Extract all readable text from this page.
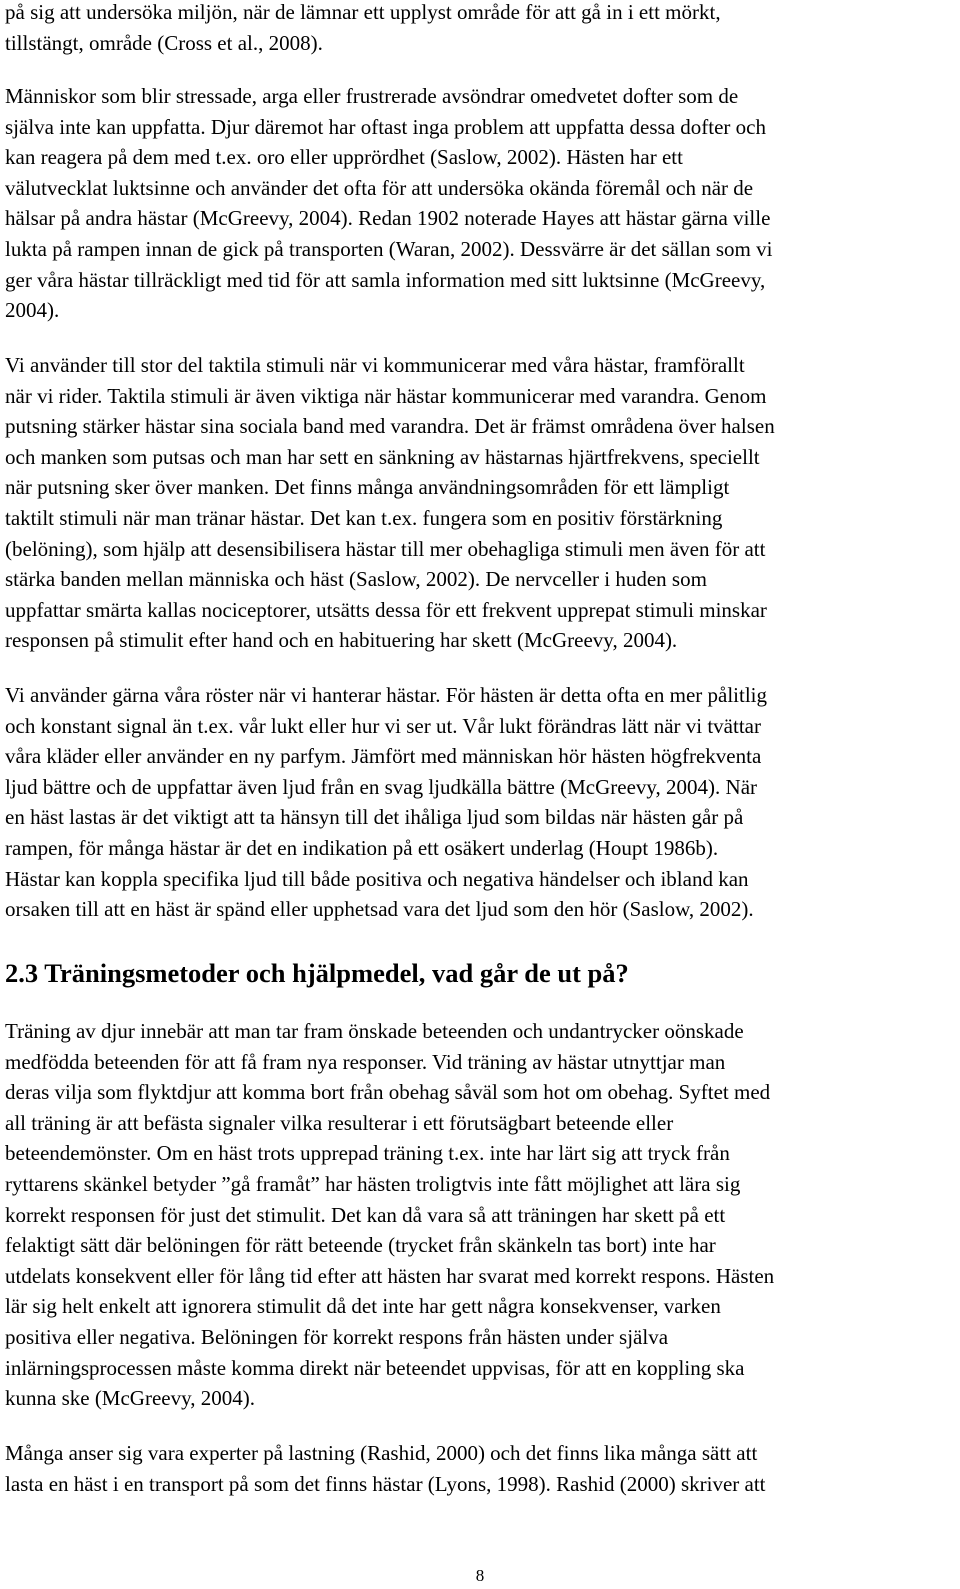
på sig att undersöka miljön, när de lämnar ett upplyst område för att gå in i ett mörkt,
tillstängt, område (Cross et al., 2008).

Människor som blir stressade, arga eller frustrerade avsöndrar omedvetet dofter som de
själva inte kan uppfatta. Djur däremot har oftast inga problem att uppfatta dessa dofter och
kan reagera på dem med t.ex. oro eller upprördhet (Saslow, 2002). Hästen har ett
välutvecklat luktsinne och använder det ofta för att undersöka okända föremål och när de
hälsar på andra hästar (McGreevy, 2004). Redan 1902 noterade Hayes att hästar gärna ville
lukta på rampen innan de gick på transporten (Waran, 2002). Dessvärre är det sällan som vi
ger våra hästar tillräckligt med tid för att samla information med sitt luktsinne (McGreevy,
2004).

Vi använder till stor del taktila stimuli när vi kommunicerar med våra hästar, framförallt
när vi rider. Taktila stimuli är även viktiga när hästar kommunicerar med varandra. Genom
putsning stärker hästar sina sociala band med varandra. Det är främst områdena över halsen
och manken som putsas och man har sett en sänkning av hästarnas hjärtfrekvens, speciellt
när putsning sker över manken. Det finns många användningsområden för ett lämpligt
taktilt stimuli när man tränar hästar. Det kan t.ex. fungera som en positiv förstärkning
(belöning), som hjälp att desensibilisera hästar till mer obehagliga stimuli men även för att
stärka banden mellan människa och häst (Saslow, 2002). De nervceller i huden som
uppfattar smärta kallas nociceptorer, utsätts dessa för ett frekvent upprepat stimuli minskar
responsen på stimulit efter hand och en habituering har skett (McGreevy, 2004).

Vi använder gärna våra röster när vi hanterar hästar. För hästen är detta ofta en mer pålitlig
och konstant signal än t.ex. vår lukt eller hur vi ser ut. Vår lukt förändras lätt när vi tvättar
våra kläder eller använder en ny parfym. Jämfört med människan hör hästen högfrekventa
ljud bättre och de uppfattar även ljud från en svag ljudkälla bättre (McGreevy, 2004). När
en häst lastas är det viktigt att ta hänsyn till det ihåliga ljud som bildas när hästen går på
rampen, för många hästar är det en indikation på ett osäkert underlag (Houpt 1986b).
Hästar kan koppla specifika ljud till både positiva och negativa händelser och ibland kan
orsaken till att en häst är spänd eller upphetsad vara det ljud som den hör (Saslow, 2002).

2.3 Träningsmetoder och hjälpmedel, vad går de ut på?

Träning av djur innebär att man tar fram önskade beteenden och undantrycker oönskade
medfödda beteenden för att få fram nya responser. Vid träning av hästar utnyttjar man
deras vilja som flyktdjur att komma bort från obehag såväl som hot om obehag. Syftet med
all träning är att befästa signaler vilka resulterar i ett förutsägbart beteende eller
beteendemönster. Om en häst trots upprepad träning t.ex. inte har lärt sig att tryck från
ryttarens skänkel betyder ”gå framåt” har hästen troligtvis inte fått möjlighet att lära sig
korrekt responsen för just det stimulit. Det kan då vara så att träningen har skett på ett
felaktigt sätt där belöningen för rätt beteende (trycket från skänkeln tas bort) inte har
utdelats konsekvent eller för lång tid efter att hästen har svarat med korrekt respons. Hästen
lär sig helt enkelt att ignorera stimulit då det inte har gett några konsekvenser, varken
positiva eller negativa. Belöningen för korrekt respons från hästen under själva
inlärningsprocessen måste komma direkt när beteendet uppvisas, för att en koppling ska
kunna ske (McGreevy, 2004).

Många anser sig vara experter på lastning (Rashid, 2000) och det finns lika många sätt att
lasta en häst i en transport på som det finns hästar (Lyons, 1998). Rashid (2000) skriver att

8
